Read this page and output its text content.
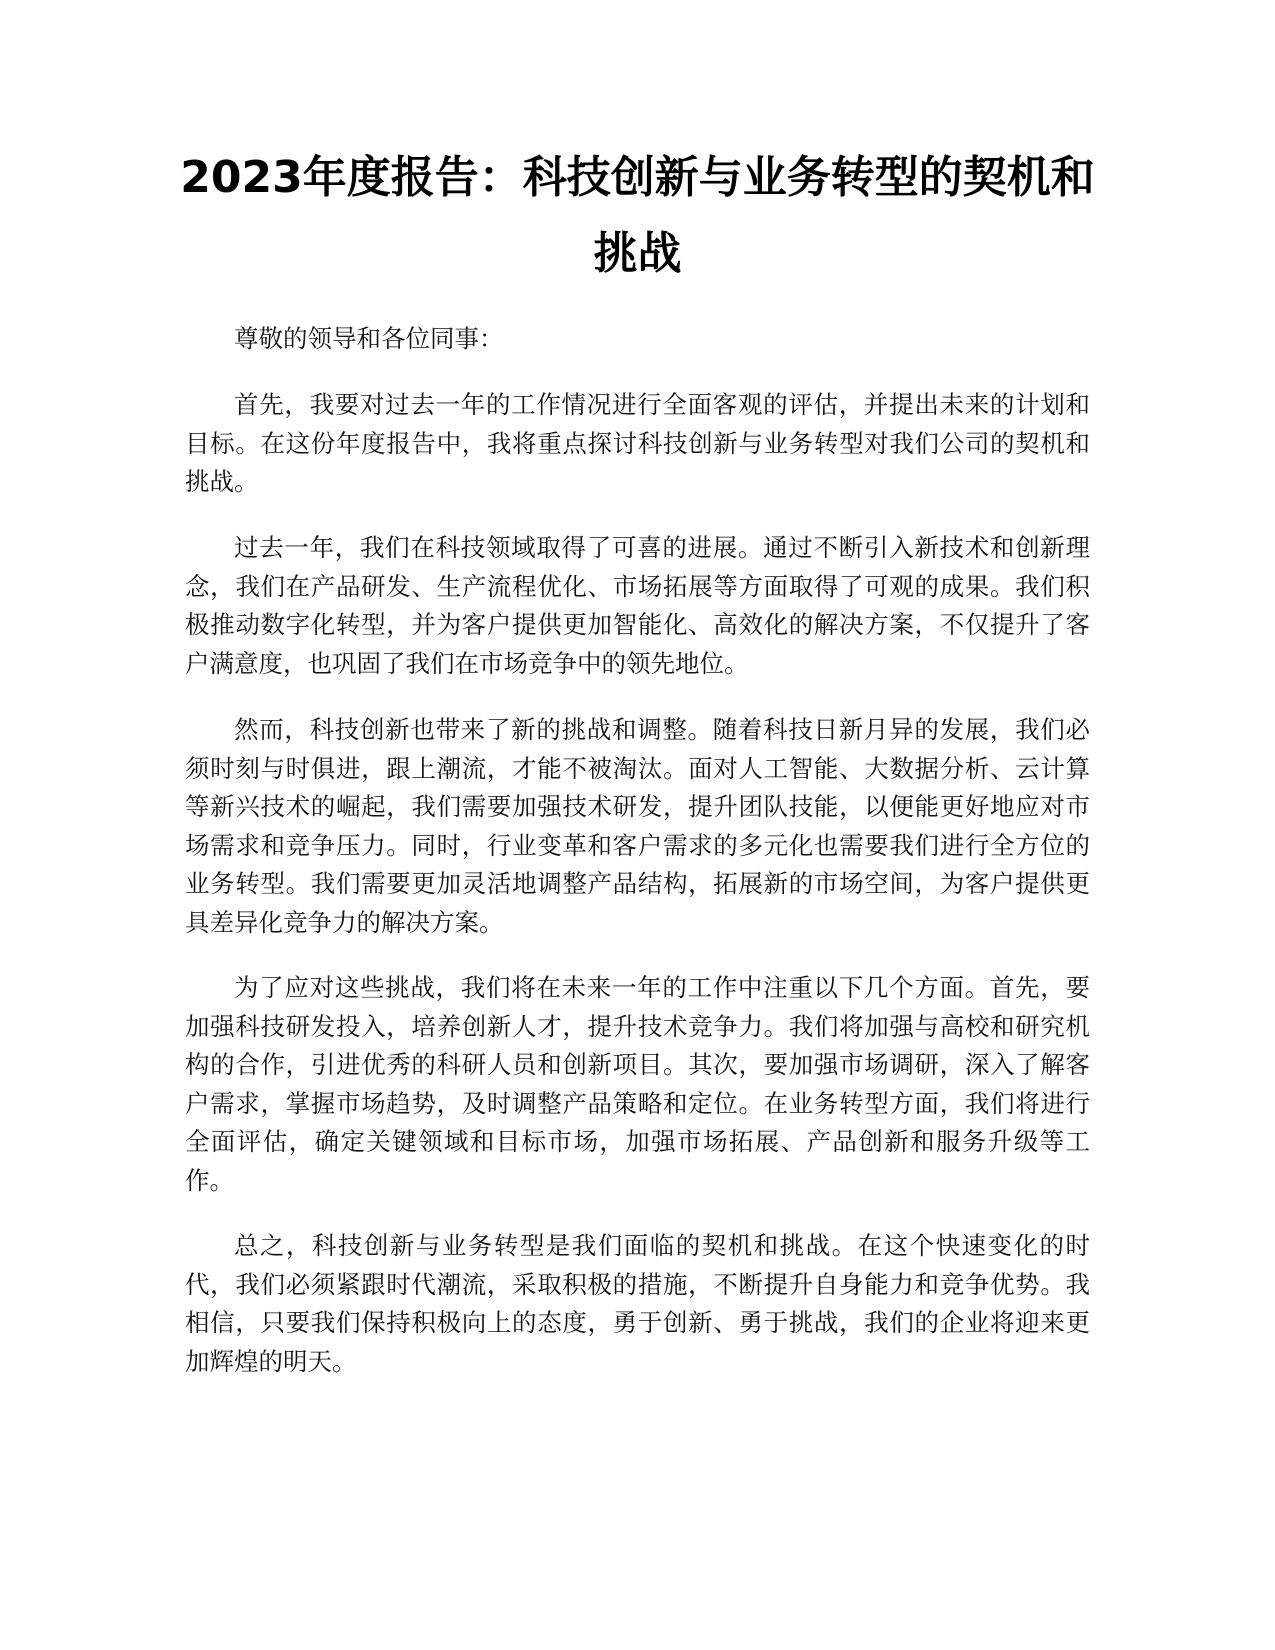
2023年度报告：科技创新与业务转型的契机和挑战

尊敬的领导和各位同事：

首先，我要对过去一年的工作情况进行全面客观的评估，并提出未来的计划和目标。在这份年度报告中，我将重点探讨科技创新与业务转型对我们公司的契机和挑战。

过去一年，我们在科技领域取得了可喜的进展。通过不断引入新技术和创新理念，我们在产品研发、生产流程优化、市场拓展等方面取得了可观的成果。我们积极推动数字化转型，并为客户提供更加智能化、高效化的解决方案，不仅提升了客户满意度，也巩固了我们在市场竞争中的领先地位。

然而，科技创新也带来了新的挑战和调整。随着科技日新月异的发展，我们必须时刻与时俱进，跟上潮流，才能不被淘汰。面对人工智能、大数据分析、云计算等新兴技术的崛起，我们需要加强技术研发，提升团队技能，以便能更好地应对市场需求和竞争压力。同时，行业变革和客户需求的多元化也需要我们进行全方位的业务转型。我们需要更加灵活地调整产品结构，拓展新的市场空间，为客户提供更具差异化竞争力的解决方案。

为了应对这些挑战，我们将在未来一年的工作中注重以下几个方面。首先，要加强科技研发投入，培养创新人才，提升技术竞争力。我们将加强与高校和研究机构的合作，引进优秀的科研人员和创新项目。其次，要加强市场调研，深入了解客户需求，掌握市场趋势，及时调整产品策略和定位。在业务转型方面，我们将进行全面评估，确定关键领域和目标市场，加强市场拓展、产品创新和服务升级等工作。

总之，科技创新与业务转型是我们面临的契机和挑战。在这个快速变化的时代，我们必须紧跟时代潮流，采取积极的措施，不断提升自身能力和竞争优势。我相信，只要我们保持积极向上的态度，勇于创新、勇于挑战，我们的企业将迎来更加辉煌的明天。
